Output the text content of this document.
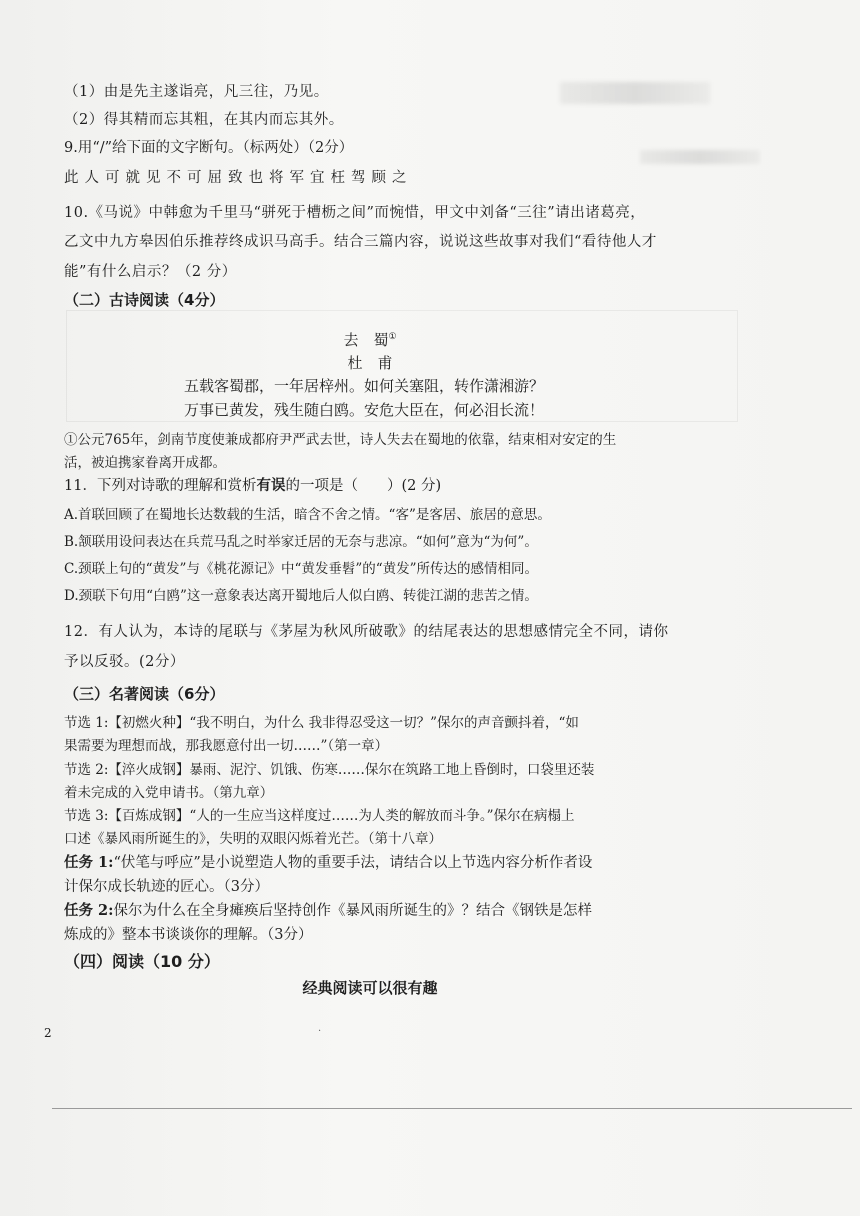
（1）由是先主遂诣亮，凡三往，乃见。
（2）得其精而忘其粗，在其内而忘其外。
9.用“/”给下面的文字断句。（标两处）（2分）
此人可就见不可屈致也将军宜枉驾顾之
10.《马说》中韩愈为千里马“骈死于槽枥之间”而惋惜，甲文中刘备“三往”请出诸葛亮，
乙文中九方皋因伯乐推荐终成识马高手。结合三篇内容，说说这些故事对我们“看待他人才
能”有什么启示？（2 分）
（二）古诗阅读（4分）
去　蜀①
杜　甫
五载客蜀郡，一年居梓州。如何关塞阻，转作潇湘游？
万事已黄发，残生随白鸥。安危大臣在，何必泪长流！
①公元765年，剑南节度使兼成都府尹严武去世，诗人失去在蜀地的依靠，结束相对安定的生
活，被迫携家眷离开成都。
11．下列对诗歌的理解和赏析有误的一项是（　　）(2 分)
A.首联回顾了在蜀地长达数载的生活，暗含不舍之情。“客”是客居、旅居的意思。
B.颔联用设问表达在兵荒马乱之时举家迁居的无奈与悲凉。“如何”意为“为何”。
C.颈联上句的“黄发”与《桃花源记》中“黄发垂髫”的“黄发”所传达的感情相同。
D.颈联下句用“白鸥”这一意象表达离开蜀地后人似白鸥、转徙江湖的悲苦之情。
12．有人认为，本诗的尾联与《茅屋为秋风所破歌》的结尾表达的思想感情完全不同，请你
予以反驳。(2分）
（三）名著阅读（6分）
节选 1:【初燃火种】“我不明白，为什么 我非得忍受这一切？”保尔的声音颤抖着，“如
果需要为理想而战，那我愿意付出一切……”（第一章）
节选 2:【淬火成钢】暴雨、泥泞、饥饿、伤寒……保尔在筑路工地上昏倒时，口袋里还装
着未完成的入党申请书。（第九章）
节选 3:【百炼成钢】“人的一生应当这样度过……为人类的解放而斗争。”保尔在病榻上
口述《暴风雨所诞生的》，失明的双眼闪烁着光芒。（第十八章）
任务 1:“伏笔与呼应”是小说塑造人物的重要手法，请结合以上节选内容分析作者设
计保尔成长轨迹的匠心。（3分）
任务 2:保尔为什么在全身瘫痪后坚持创作《暴风雨所诞生的》？结合《钢铁是怎样
炼成的》整本书谈谈你的理解。（3分）
（四）阅读（10 分）
经典阅读可以很有趣
2	·
